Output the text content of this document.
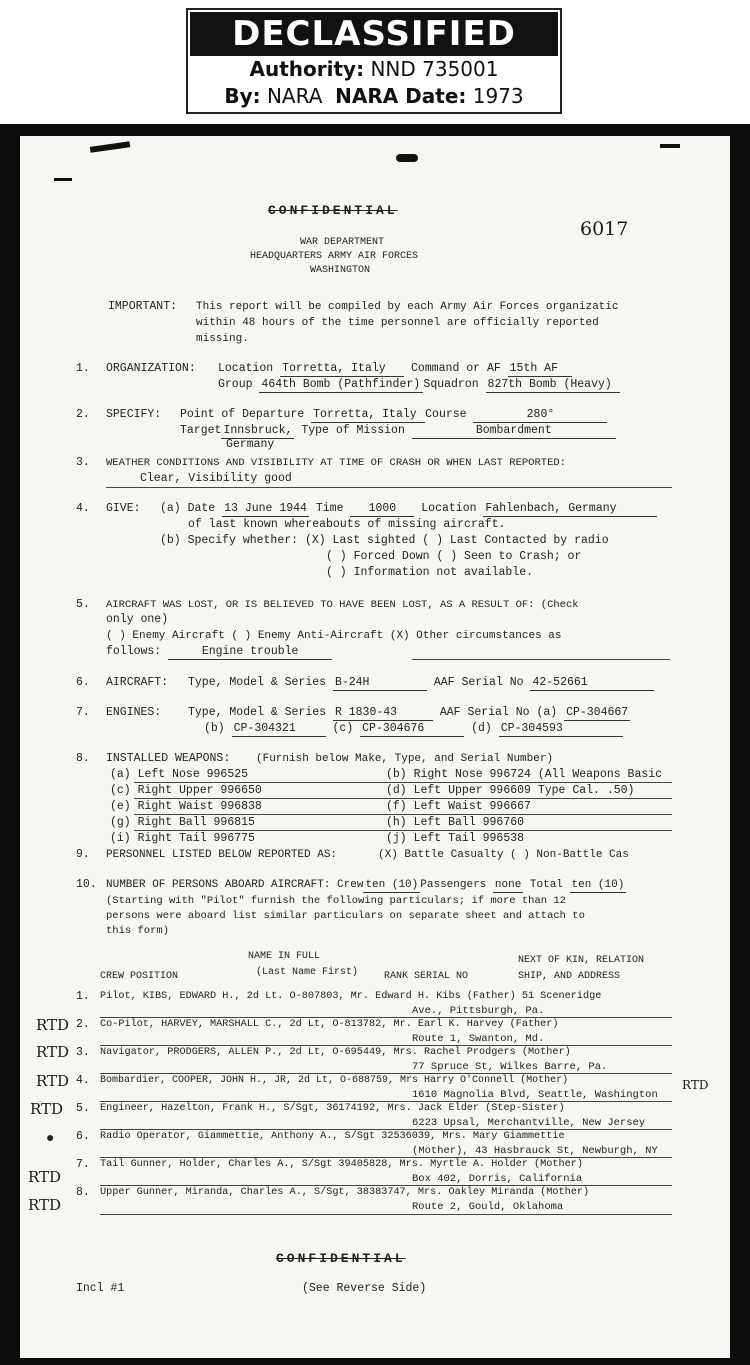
DECLASSIFIED
Authority: NND 735001
By: NARA NARA Date: 1973
CONFIDENTIAL
6017
WAR DEPARTMENT
HEADQUARTERS ARMY AIR FORCES
WASHINGTON
IMPORTANT: This report will be compiled by each Army Air Forces organizatic
within 48 hours of the time personnel are officially reported
missing.
1. ORGANIZATION: Location Torretta, Italy Command or AF 15th AF
Group 464th Bomb (Pathfinder) Squadron 827th Bomb (Heavy)
2. SPECIFY: Point of Departure Torretta, Italy Course	280°
Target Innsbruck, Type of Mission	Bombardment
Germany
3. WEATHER CONDITIONS AND VISIBILITY AT TIME OF CRASH OR WHEN LAST REPORTED:
Clear, Visibility good
4. GIVE: (a) Date 13 June 1944 Time 1000 Location Fahlenbach, Germany
of last known whereabouts of missing aircraft.
(b) Specify whether: (X) Last sighted ( ) Last Contacted by radio
( ) Forced Down ( ) Seen to Crash; or
( ) Information not available.
5. AIRCRAFT WAS LOST, OR IS BELIEVED TO HAVE BEEN LOST, AS A RESULT OF: (Check
only one)
( ) Enemy Aircraft ( ) Enemy Anti-Aircraft (X) Other circumstances as
follows:	Engine trouble
6. AIRCRAFT: Type, Model & Series B-24H	AAF Serial No 42-52661
7. ENGINES: Type, Model & Series R 1830-43	AAF Serial No (a) CP-304667
(b) CP-304321	(c) CP-304676	(d) CP-304593
8. INSTALLED WEAPONS: (Furnish below Make, Type, and Serial Number)
(a) Left Nose 996525	(b) Right Nose 996724 (All Weapons Basic
(c) Right Upper 996650	(d) Left Upper 996609 Type Cal. .50)
(e) Right Waist 996838	(f) Left Waist 996667
(g) Right Ball 996815	(h) Left Ball 996760
(i) Right Tail 996775	(j) Left Tail 996538
9. PERSONNEL LISTED BELOW REPORTED AS:	(X) Battle Casualty ( ) Non-Battle Cas
10. NUMBER OF PERSONS ABOARD AIRCRAFT: Crew ten (10) Passengers none Total ten (10)
(Starting with "Pilot" furnish the following particulars; if more than 12
persons were aboard list similar particulars on separate sheet and attach to
this form)
NAME IN FULL	NEXT OF KIN, RELATION
CREW POSITION	(Last Name First)	RANK SERIAL NO	SHIP, AND ADDRESS
RTD
RTD
RTD
RTD
RTD
RTD
RTD
1. Pilot, KIBS, EDWARD H., 2d Lt. O-807803, Mr. Edward H. Kibs (Father) 51 Sceneridge
Ave., Pittsburgh, Pa.
2. Co-Pilot, HARVEY, MARSHALL C., 2d Lt, O-813782, Mr. Earl K. Harvey (Father)
Route 1, Swanton, Md.
3. Navigator, PRODGERS, ALLEN P., 2d Lt, O-695449, Mrs. Rachel Prodgers (Mother)
77 Spruce St, Wilkes Barre, Pa.
4. Bombardier, COOPER, JOHN H., JR, 2d Lt, O-688759, Mrs Harry O'Connell (Mother)
1610 Magnolia Blvd, Seattle, Washington
5. Engineer, Hazelton, Frank H., S/Sgt, 36174192, Mrs. Jack Elder (Step-Sister)
6223 Upsal, Merchantville, New Jersey
● 6. Radio Operator, Giammettie, Anthony A., S/Sgt 32536039, Mrs. Mary Giammettie
(Mother), 43 Hasbrauck St, Newburgh, NY
7. Tail Gunner, Holder, Charles A., S/Sgt 39405828, Mrs. Myrtle A. Holder (Mother)
Box 402, Dorris, California
8. Upper Gunner, Miranda, Charles A., S/Sgt, 38383747, Mrs. Oakley Miranda (Mother)
Route 2, Gould, Oklahoma
CONFIDENTIAL
Incl #1	(See Reverse Side)
